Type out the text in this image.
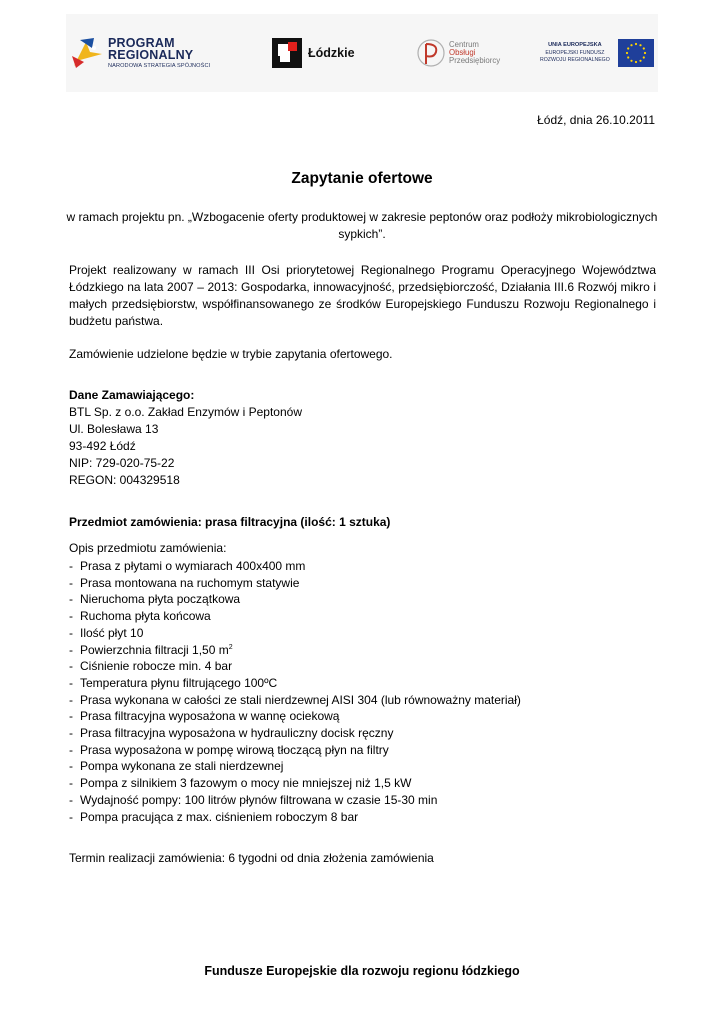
PROGRAM
REGIONALNY
NARODOWA STRATEGIA SPÓJNOŚCI
Łódzkie
Centrum
Obsługi
Przedsiębiorcy
UNIA EUROPEJSKA
EUROPEJSKI FUNDUSZ
ROZWOJU REGIONALNEGO
Łódź, dnia 26.10.2011
Zapytanie ofertowe
w ramach projektu pn. „Wzbogacenie oferty produktowej w zakresie peptonów oraz podłoży mikrobiologicznych sypkich”.
Projekt realizowany w ramach III Osi priorytetowej Regionalnego Programu Operacyjnego Województwa Łódzkiego na lata 2007 – 2013: Gospodarka, innowacyjność, przedsiębiorczość, Działania III.6 Rozwój mikro i małych przedsiębiorstw, współfinansowanego ze środków Europejskiego Funduszu Rozwoju Regionalnego i budżetu państwa.
Zamówienie udzielone będzie w trybie zapytania ofertowego.
Dane Zamawiającego:
BTL Sp. z o.o. Zakład Enzymów i Peptonów
Ul. Bolesława 13
93-492 Łódź
NIP: 729-020-75-22
REGON: 004329518
Przedmiot zamówienia: prasa filtracyjna (ilość: 1 sztuka)
Opis przedmiotu zamówienia:
- Prasa z płytami o wymiarach 400x400 mm
- Prasa montowana na ruchomym statywie
- Nieruchoma płyta początkowa
- Ruchoma płyta końcowa
- Ilość płyt 10
- Powierzchnia filtracji 1,50 $m^2$
- Ciśnienie robocze min. 4 bar
- Temperatura płynu filtrującego 100ºC
- Prasa wykonana w całości ze stali nierdzewnej AISI 304 (lub równoważny materiał)
- Prasa filtracyjna wyposażona w wannę ociekową
- Prasa filtracyjna wyposażona w hydrauliczny docisk ręczny
- Prasa wyposażona w pompę wirową tłoczącą płyn na filtry
- Pompa wykonana ze stali nierdzewnej
- Pompa z silnikiem 3 fazowym o mocy nie mniejszej niż 1,5 kW
- Wydajność pompy: 100 litrów płynów filtrowana w czasie 15-30 min
- Pompa pracująca z max. ciśnieniem roboczym 8 bar
Termin realizacji zamówienia: 6 tygodni od dnia złożenia zamówienia
Fundusze Europejskie dla rozwoju regionu łódzkiego
